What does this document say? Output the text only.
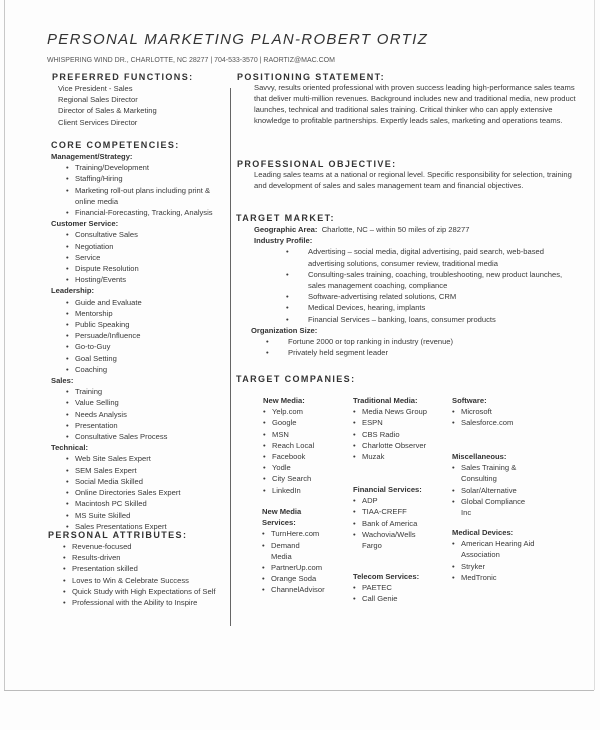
PERSONAL MARKETING PLAN-ROBERT ORTIZ
WHISPERING WIND DR., CHARLOTTE, NC 28277 | 704-533-3570 | RAORTIZ@MAC.COM
PREFERRED FUNCTIONS:
Vice President - Sales
Regional Sales Director
Director of Sales & Marketing
Client Services Director
CORE COMPETENCIES:
Management/Strategy:
• Training/Development
• Staffing/Hiring
• Marketing roll-out plans including print & online media
• Financial-Forecasting, Tracking, Analysis
Customer Service:
• Consultative Sales
• Negotiation
• Service
• Dispute Resolution
• Hosting/Events
Leadership:
• Guide and Evaluate
• Mentorship
• Public Speaking
• Persuade/Influence
• Go-to-Guy
• Goal Setting
• Coaching
Sales:
• Training
• Value Selling
• Needs Analysis
• Presentation
• Consultative Sales Process
Technical:
• Web Site Sales Expert
• SEM Sales Expert
• Social Media Skilled
• Online Directories Sales Expert
• Macintosh PC Skilled
• MS Suite Skilled
• Sales Presentations Expert
PERSONAL ATTRIBUTES:
• Revenue-focused
• Results-driven
• Presentation skilled
• Loves to Win & Celebrate Success
• Quick Study with High Expectations of Self
• Professional with the Ability to Inspire
POSITIONING STATEMENT:

Savvy, results oriented professional with proven success leading high-performance sales teams that deliver multi-million revenues. Background includes new and traditional media, new product launches, technical and traditional sales training. Critical thinker who can apply extensive knowledge to profitable partnerships. Expertly leads sales, marketing and operations teams.

PROFESSIONAL OBJECTIVE:

Leading sales teams at a national or regional level. Specific responsibility for selection, training and development of sales and sales management team and financial objectives.

TARGET MARKET:
Geographic Area: Charlotte, NC – within 50 miles of zip 28277
Industry Profile:
• Advertising – social media, digital advertising, paid search, web-based advertising solutions, consumer review, traditional media
• Consulting-sales training, coaching, troubleshooting, new product launches, sales management coaching, compliance
• Software-advertising related solutions, CRM
• Medical Devices, hearing, implants
• Financial Services – banking, loans, consumer products
Organization Size:
• Fortune 2000 or top ranking in industry (revenue)
• Privately held segment leader
TARGET COMPANIES:
New Media:
• Yelp.com
• Google
• MSN
• Reach Local
• Facebook
• Yodle
• City Search
• LinkedIn
New Media Services:
• TurnHere.com
• Demand Media
• PartnerUp.com
• Orange Soda
• ChannelAdvisor
Traditional Media:
• Media News Group
• ESPN
• CBS Radio
• Charlotte Observer
• Muzak
Financial Services:
• ADP
• TIAA-CREFF
• Bank of America
• Wachovia/Wells Fargo
Telecom Services:
• PAETEC
• Call Genie
Software:
• Microsoft
• Salesforce.com
Miscellaneous:
• Sales Training & Consulting
• Solar/Alternative
• Global Compliance Inc
Medical Devices:
• American Hearing Aid Association
• Stryker
• MedTronic
